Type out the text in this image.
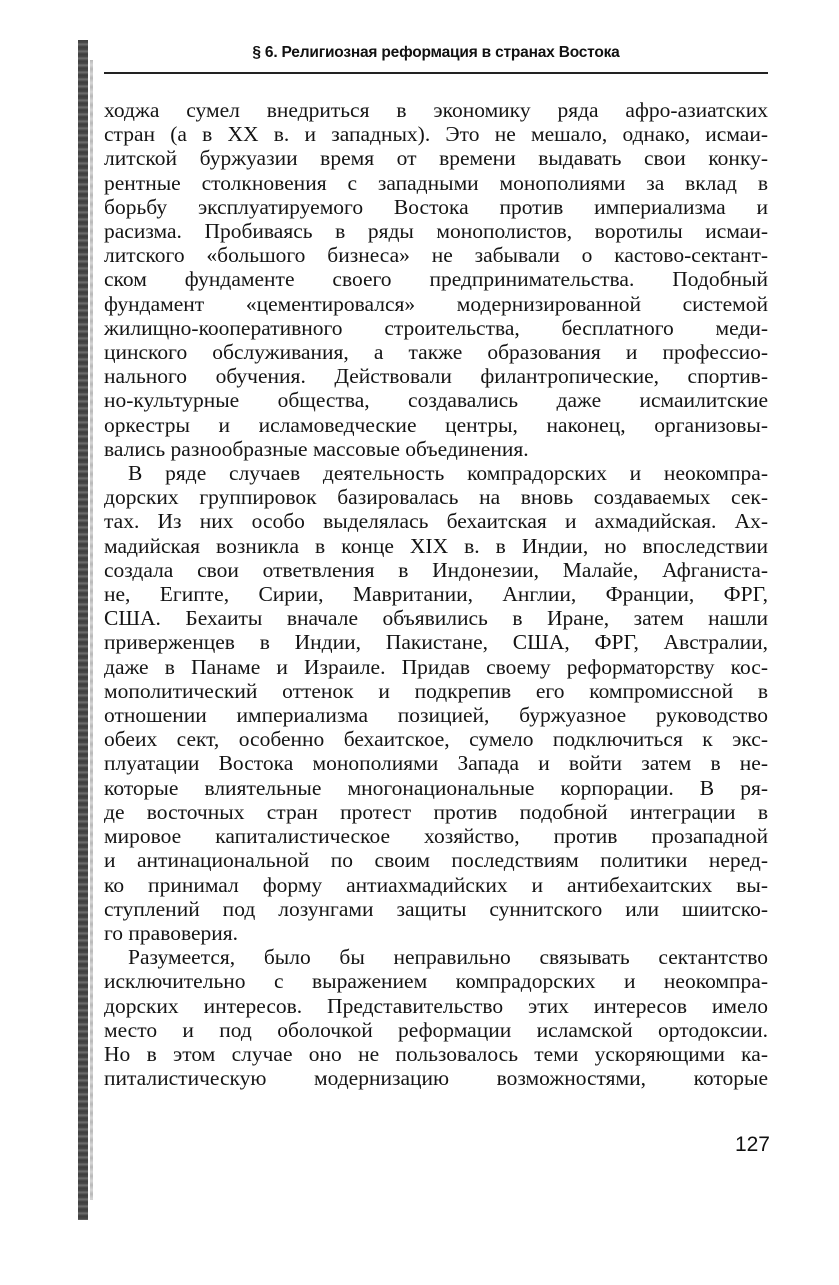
§ 6. Религиозная реформация в странах Востока
ходжа сумел внедриться в экономику ряда афро-азиатских
стран (а в XX в. и западных). Это не мешало, однако, исмаи-
литской буржуазии время от времени выдавать свои конку-
рентные столкновения с западными монополиями за вклад в
борьбу эксплуатируемого Востока против империализма и
расизма. Пробиваясь в ряды монополистов, воротилы исмаи-
литского «большого бизнеса» не забывали о кастово-сектант-
ском фундаменте своего предпринимательства. Подобный
фундамент «цементировался» модернизированной системой
жилищно-кооперативного строительства, бесплатного меди-
цинского обслуживания, а также образования и профессио-
нального обучения. Действовали филантропические, спортив-
но-культурные общества, создавались даже исмаилитские
оркестры и исламоведческие центры, наконец, организовы-
вались разнообразные массовые объединения.
В ряде случаев деятельность компрадорских и неокомпра-
дорских группировок базировалась на вновь создаваемых сек-
тах. Из них особо выделялась бехаитская и ахмадийская. Ах-
мадийская возникла в конце XIX в. в Индии, но впоследствии
создала свои ответвления в Индонезии, Малайе, Афганиста-
не, Египте, Сирии, Мавритании, Англии, Франции, ФРГ,
США. Бехаиты вначале объявились в Иране, затем нашли
приверженцев в Индии, Пакистане, США, ФРГ, Австралии,
даже в Панаме и Израиле. Придав своему реформаторству кос-
мополитический оттенок и подкрепив его компромиссной в
отношении империализма позицией, буржуазное руководство
обеих сект, особенно бехаитское, сумело подключиться к экс-
плуатации Востока монополиями Запада и войти затем в не-
которые влиятельные многонациональные корпорации. В ря-
де восточных стран протест против подобной интеграции в
мировое капиталистическое хозяйство, против прозападной
и антинациональной по своим последствиям политики неред-
ко принимал форму антиахмадийских и антибехаитских вы-
ступлений под лозунгами защиты суннитского или шиитско-
го правоверия.
Разумеется, было бы неправильно связывать сектантство
исключительно с выражением компрадорских и неокомпра-
дорских интересов. Представительство этих интересов имело
место и под оболочкой реформации исламской ортодоксии.
Но в этом случае оно не пользовалось теми ускоряющими ка-
питалистическую модернизацию возможностями, которые
127
